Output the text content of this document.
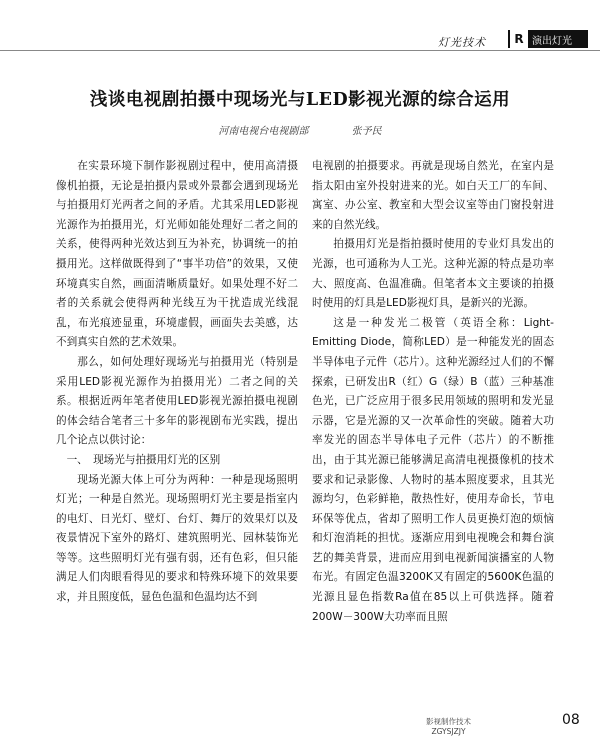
灯光技术	R 演出灯光
浅谈电视剧拍摄中现场光与LED影视光源的综合运用
河南电视台电视剧部	张予民

在实景环境下制作影视剧过程中，使用高清摄像机拍摄，无论是拍摄内景或外景都会遇到现场光与拍摄用灯光两者之间的矛盾。尤其采用LED影视光源作为拍摄用光，灯光师如能处理好二者之间的关系，使得两种光效达到互为补充，协调统一的拍摄用光。这样做既得到了“事半功倍”的效果，又使环境真实自然，画面清晰质量好。如果处理不好二者的关系就会使得两种光线互为干扰造成光线混乱，布光痕迹显重，环境虚假，画面失去美感，达不到真实自然的艺术效果。

那么，如何处理好现场光与拍摄用光（特别是采用LED影视光源作为拍摄用光）二者之间的关系。根据近两年笔者使用LED影视光源拍摄电视剧的体会结合笔者三十多年的影视剧布光实践，提出几个论点以供讨论：

一、　现场光与拍摄用灯光的区别

现场光源大体上可分为两种：一种是现场照明灯光；一种是自然光。现场照明灯光主要是指室内的电灯、日光灯、壁灯、台灯、舞厅的效果灯以及夜景情况下室外的路灯、建筑照明光、园林装饰光等等。这些照明灯光有强有弱，还有色彩，但只能满足人们肉眼看得见的要求和特殊环境下的效果要求，并且照度低，显色色温和色温均达不到

电视剧的拍摄要求。再就是现场自然光，在室内是指太阳由室外投射进来的光。如白天工厂的车间、寓室、办公室、教室和大型会议室等由门窗投射进来的自然光线。

拍摄用灯光是指拍摄时使用的专业灯具发出的光源，也可通称为人工光。这种光源的特点是功率大、照度高、色温准确。但笔者本文主要谈的拍摄时使用的灯具是LED影视灯具，是新兴的光源。

这是一种发光二极管（英语全称：Light-Emitting Diode，简称LED）是一种能发光的固态半导体电子元件（芯片）。这种光源经过人们的不懈探索，已研发出R（红）G（绿）B（蓝）三种基准色光，已广泛应用于很多民用领域的照明和发光显示器，它是光源的又一次革命性的突破。随着大功率发光的固态半导体电子元件（芯片）的不断推出，由于其光源已能够满足高清电视摄像机的技术要求和记录影像、人物时的基本照度要求，且其光源均匀，色彩鲜艳，散热性好，使用寿命长，节电环保等优点，省却了照明工作人员更换灯泡的烦恼和灯泡消耗的担忧。逐渐应用到电视晚会和舞台演艺的舞美背景，进而应用到电视新闻演播室的人物布光。有固定色温3200K又有固定的5600K色温的光源且显色指数Ra值在85以上可供选择。随着200W－300W大功率而且照

影视制作技术
ZGYSJZJY
08
